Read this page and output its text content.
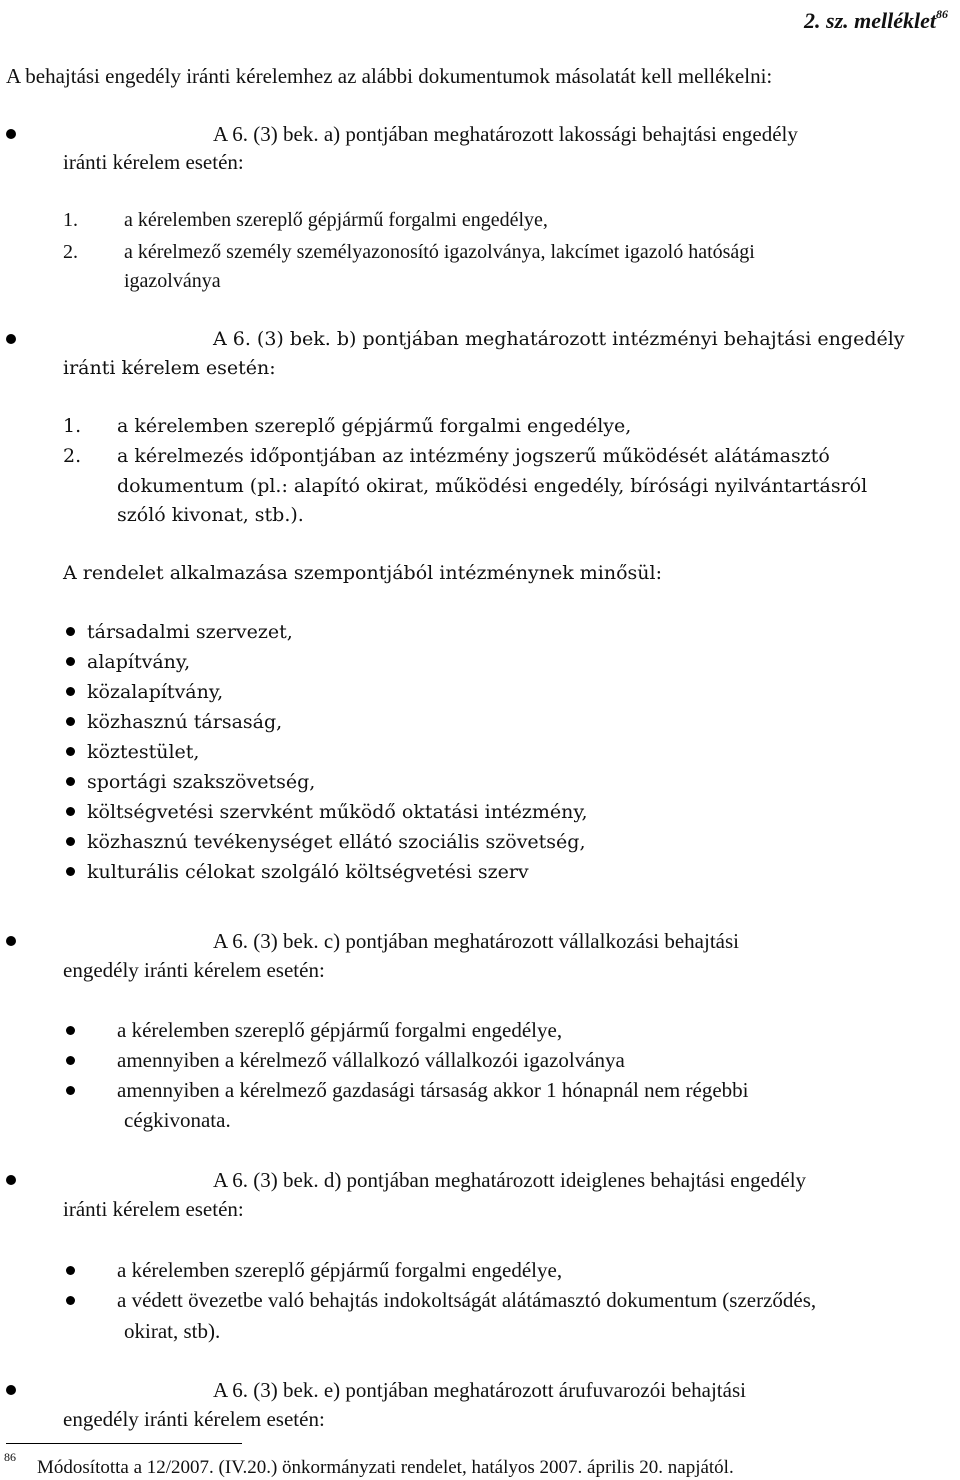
2. sz. melléklet$^{86}$
A behajtási engedély iránti kérelemhez az alábbi dokumentumok másolatát kell mellékelni:
A 6. (3) bek. a) pontjában meghatározott lakossági behajtási engedély
iránti kérelem esetén:
1. a kérelemben szereplő gépjármű forgalmi engedélye,
2. a kérelmező személy személyazonosító igazolványa, lakcímet igazoló hatósági
igazolványa
A 6. (3) bek. b) pontjában meghatározott intézményi behajtási engedély
iránti kérelem esetén:
1. a kérelemben szereplő gépjármű forgalmi engedélye,
2. a kérelmezés időpontjában az intézmény jogszerű működését alátámasztó
dokumentum (pl.: alapító okirat, működési engedély, bírósági nyilvántartásról
szóló kivonat, stb.).
A rendelet alkalmazása szempontjából intézménynek minősül:
társadalmi szervezet,
alapítvány,
közalapítvány,
közhasznú társaság,
köztestület,
sportági szakszövetség,
költségvetési szervként működő oktatási intézmény,
közhasznú tevékenységet ellátó szociális szövetség,
kulturális célokat szolgáló költségvetési szerv
A 6. (3) bek. c) pontjában meghatározott vállalkozási behajtási
engedély iránti kérelem esetén:
a kérelemben szereplő gépjármű forgalmi engedélye,
amennyiben a kérelmező vállalkozó vállalkozói igazolványa
amennyiben a kérelmező gazdasági társaság akkor 1 hónapnál nem régebbi
cégkivonata.
A 6. (3) bek. d) pontjában meghatározott ideiglenes behajtási engedély
iránti kérelem esetén:
a kérelemben szereplő gépjármű forgalmi engedélye,
a védett övezetbe való behajtás indokoltságát alátámasztó dokumentum (szerződés,
okirat, stb).
A 6. (3) bek. e) pontjában meghatározott árufuvarozói behajtási
engedély iránti kérelem esetén:
86 Módosította a 12/2007. (IV.20.) önkormányzati rendelet, hatályos 2007. április 20. napjától.
